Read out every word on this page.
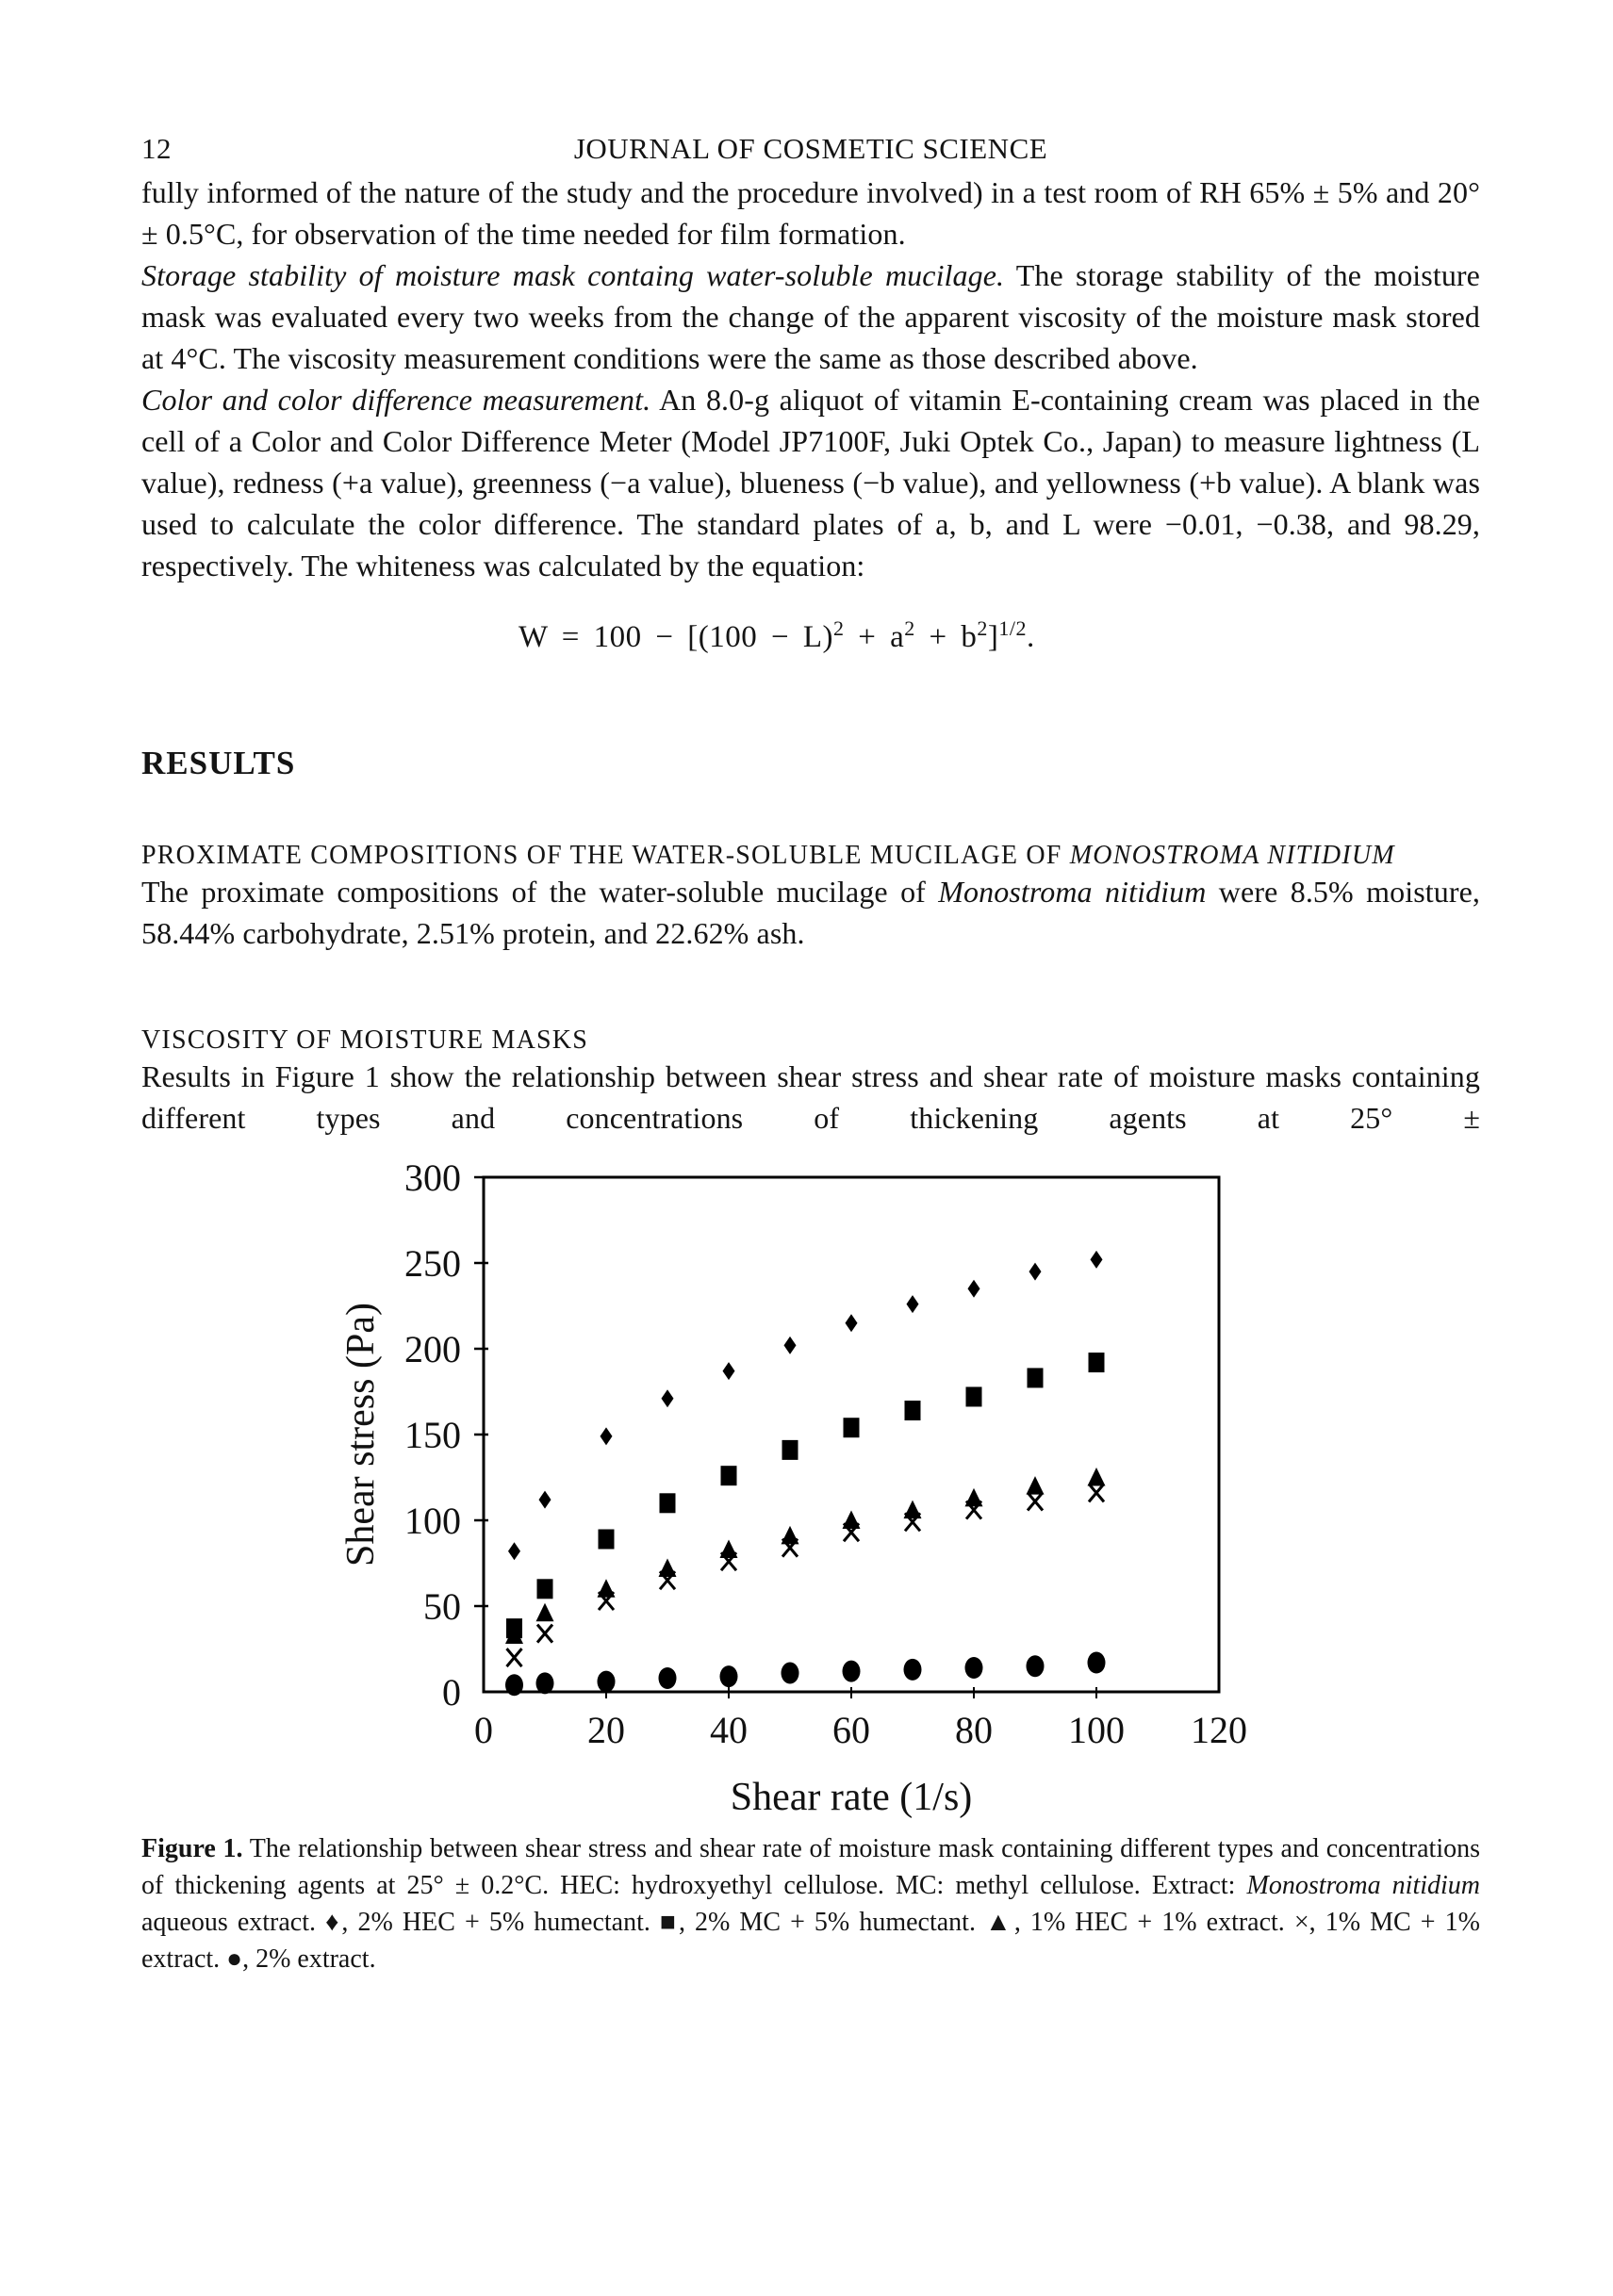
12	JOURNAL OF COSMETIC SCIENCE

fully informed of the nature of the study and the procedure involved) in a test room of RH 65% ± 5% and 20° ± 0.5°C, for observation of the time needed for film formation.

Storage stability of moisture mask containg water-soluble mucilage. The storage stability of the moisture mask was evaluated every two weeks from the change of the apparent viscosity of the moisture mask stored at 4°C. The viscosity measurement conditions were the same as those described above.

Color and color difference measurement. An 8.0-g aliquot of vitamin E-containing cream was placed in the cell of a Color and Color Difference Meter (Model JP7100F, Juki Optek Co., Japan) to measure lightness (L value), redness (+a value), greenness (−a value), blueness (−b value), and yellowness (+b value). A blank was used to calculate the color difference. The standard plates of a, b, and L were −0.01, −0.38, and 98.29, respectively. The whiteness was calculated by the equation:

$W = 100 - [(100 - L)^2 + a^2 + b^2]^{1/2}$.
RESULTS

PROXIMATE COMPOSITIONS OF THE WATER-SOLUBLE MUCILAGE OF MONOSTROMA NITIDIUM

The proximate compositions of the water-soluble mucilage of Monostroma nitidium were 8.5% moisture, 58.44% carbohydrate, 2.51% protein, and 22.62% ash.

VISCOSITY OF MOISTURE MASKS

Results in Figure 1 show the relationship between shear stress and shear rate of moisture masks containing different types and concentrations of thickening agents at 25° ±

0
50
100
150
200
250
300
0	20 40 60 80 100 120
Shear rate (1/s)
Shear stress (Pa)

Figure 1. The relationship between shear stress and shear rate of moisture mask containing different types and concentrations of thickening agents at 25° ± 0.2°C. HEC: hydroxyethyl cellulose. MC: methyl cellulose. Extract: Monostroma nitidium aqueous extract. ♦, 2% HEC + 5% humectant. ■, 2% MC + 5% humectant. ▲, 1% HEC + 1% extract. ×, 1% MC + 1% extract. ●, 2% extract.
